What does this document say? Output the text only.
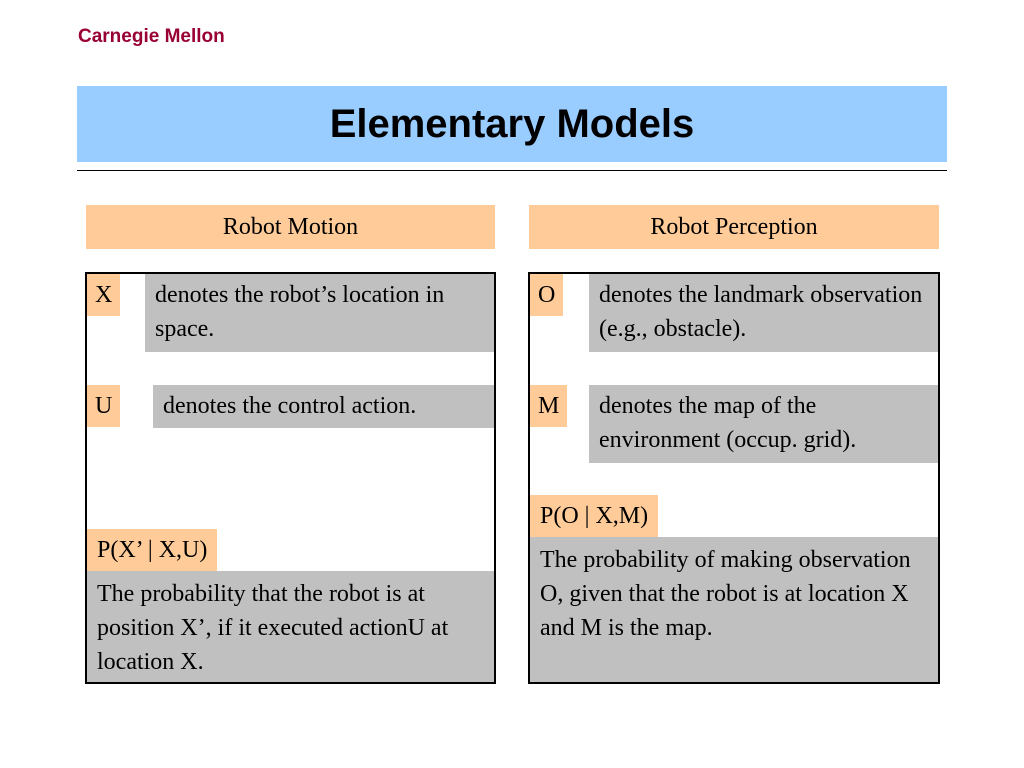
Carnegie Mellon
Elementary Models
Robot Motion
X	denotes the robot’s location in space.
U	denotes the control action.
P(X’ | X,U)
The probability that the robot is at position X’, if it executed actionU at location X.
Robot Perception
O	denotes the landmark observation (e.g., obstacle).
M	denotes the map of the environment (occup. grid).
P(O | X,M)
The probability of making observation O, given that the robot is at location X and M is the map.
